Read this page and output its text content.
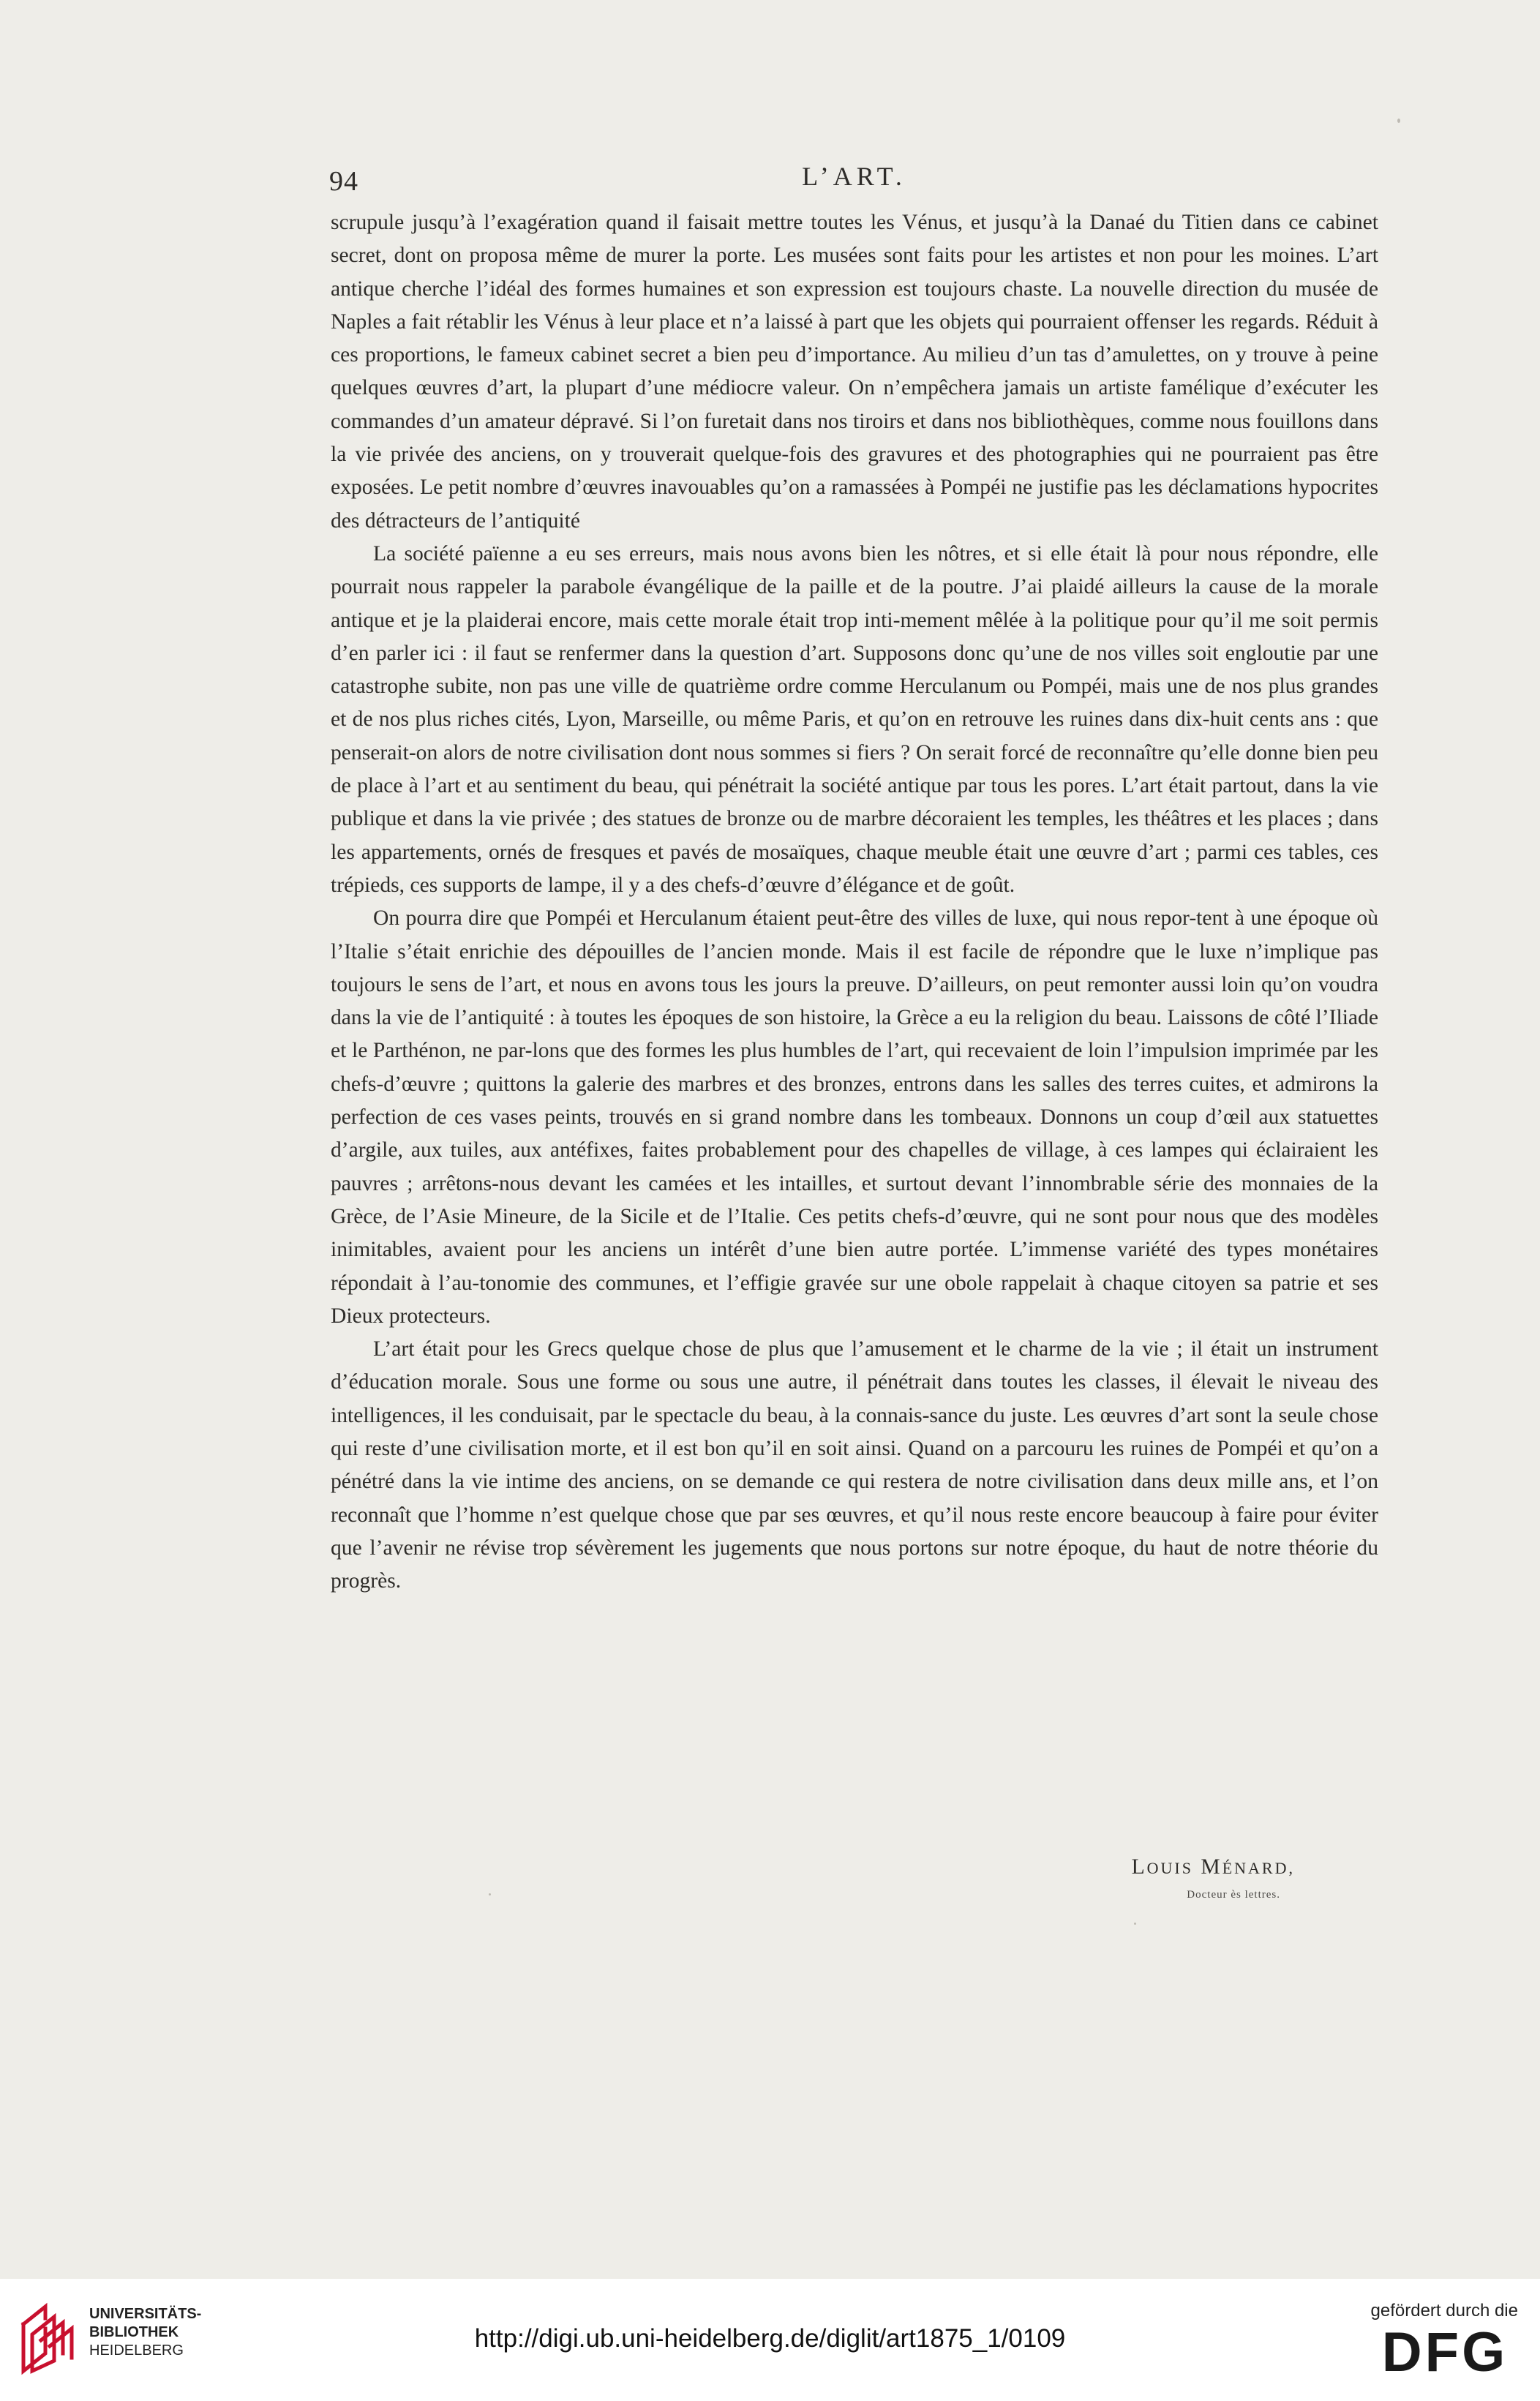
94	L’ART.

scrupule jusqu’à l’exagération quand il faisait mettre toutes les Vénus, et jusqu’à la Danaé du Titien dans ce cabinet secret, dont on proposa même de murer la porte. Les musées sont faits pour les artistes et non pour les moines. L’art antique cherche l’idéal des formes humaines et son expression est toujours chaste. La nouvelle direction du musée de Naples a fait rétablir les Vénus à leur place et n’a laissé à part que les objets qui pourraient offenser les regards. Réduit à ces proportions, le fameux cabinet secret a bien peu d’importance. Au milieu d’un tas d’amulettes, on y trouve à peine quelques œuvres d’art, la plupart d’une médiocre valeur. On n’empêchera jamais un artiste famélique d’exécuter les commandes d’un amateur dépravé. Si l’on furetait dans nos tiroirs et dans nos bibliothèques, comme nous fouillons dans la vie privée des anciens, on y trouverait quelque-fois des gravures et des photographies qui ne pourraient pas être exposées. Le petit nombre d’œuvres inavouables qu’on a ramassées à Pompéi ne justifie pas les déclamations hypocrites des détracteurs de l’antiquité

La société païenne a eu ses erreurs, mais nous avons bien les nôtres, et si elle était là pour nous répondre, elle pourrait nous rappeler la parabole évangélique de la paille et de la poutre. J’ai plaidé ailleurs la cause de la morale antique et je la plaiderai encore, mais cette morale était trop inti-mement mêlée à la politique pour qu’il me soit permis d’en parler ici : il faut se renfermer dans la question d’art. Supposons donc qu’une de nos villes soit engloutie par une catastrophe subite, non pas une ville de quatrième ordre comme Herculanum ou Pompéi, mais une de nos plus grandes et de nos plus riches cités, Lyon, Marseille, ou même Paris, et qu’on en retrouve les ruines dans dix-huit cents ans : que penserait-on alors de notre civilisation dont nous sommes si fiers ? On serait forcé de reconnaître qu’elle donne bien peu de place à l’art et au sentiment du beau, qui pénétrait la société antique par tous les pores. L’art était partout, dans la vie publique et dans la vie privée ; des statues de bronze ou de marbre décoraient les temples, les théâtres et les places ; dans les appartements, ornés de fresques et pavés de mosaïques, chaque meuble était une œuvre d’art ; parmi ces tables, ces trépieds, ces supports de lampe, il y a des chefs-d’œuvre d’élégance et de goût.

On pourra dire que Pompéi et Herculanum étaient peut-être des villes de luxe, qui nous repor-tent à une époque où l’Italie s’était enrichie des dépouilles de l’ancien monde. Mais il est facile de répondre que le luxe n’implique pas toujours le sens de l’art, et nous en avons tous les jours la preuve. D’ailleurs, on peut remonter aussi loin qu’on voudra dans la vie de l’antiquité : à toutes les époques de son histoire, la Grèce a eu la religion du beau. Laissons de côté l’Iliade et le Parthénon, ne par-lons que des formes les plus humbles de l’art, qui recevaient de loin l’impulsion imprimée par les chefs-d’œuvre ; quittons la galerie des marbres et des bronzes, entrons dans les salles des terres cuites, et admirons la perfection de ces vases peints, trouvés en si grand nombre dans les tombeaux. Donnons un coup d’œil aux statuettes d’argile, aux tuiles, aux antéfixes, faites probablement pour des chapelles de village, à ces lampes qui éclairaient les pauvres ; arrêtons-nous devant les camées et les intailles, et surtout devant l’innombrable série des monnaies de la Grèce, de l’Asie Mineure, de la Sicile et de l’Italie. Ces petits chefs-d’œuvre, qui ne sont pour nous que des modèles inimitables, avaient pour les anciens un intérêt d’une bien autre portée. L’immense variété des types monétaires répondait à l’au-tonomie des communes, et l’effigie gravée sur une obole rappelait à chaque citoyen sa patrie et ses Dieux protecteurs.

L’art était pour les Grecs quelque chose de plus que l’amusement et le charme de la vie ; il était un instrument d’éducation morale. Sous une forme ou sous une autre, il pénétrait dans toutes les classes, il élevait le niveau des intelligences, il les conduisait, par le spectacle du beau, à la connais-sance du juste. Les œuvres d’art sont la seule chose qui reste d’une civilisation morte, et il est bon qu’il en soit ainsi. Quand on a parcouru les ruines de Pompéi et qu’on a pénétré dans la vie intime des anciens, on se demande ce qui restera de notre civilisation dans deux mille ans, et l’on reconnaît que l’homme n’est quelque chose que par ses œuvres, et qu’il nous reste encore beaucoup à faire pour éviter que l’avenir ne révise trop sévèrement les jugements que nous portons sur notre époque, du haut de notre théorie du progrès.

LOUIS MÉNARD,
Docteur ès lettres.
UNIVERSITÄTS-
BIBLIOTHEK
HEIDELBERG	http://digi.ub.uni-heidelberg.de/diglit/art1875_1/0109
gefördert durch die
DFG
